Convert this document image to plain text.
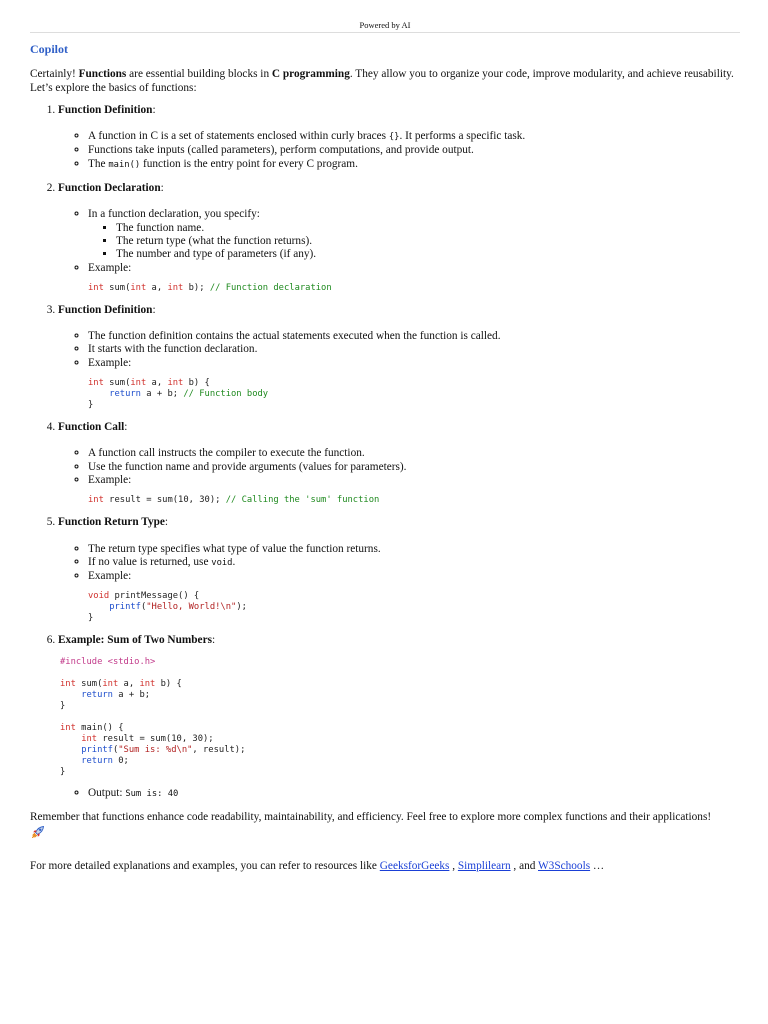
Powered by AI
Copilot

Certainly! Functions are essential building blocks in C programming. They allow you to organize your code, improve modularity, and achieve reusability. Let’s explore the basics of functions:

1. Function Definition:
◦ A function in C is a set of statements enclosed within curly braces {}. It performs a specific task.
◦ Functions take inputs (called parameters), perform computations, and provide output.
◦ The main() function is the entry point for every C program.
2. Function Declaration:
◦ In a function declaration, you specify:
▪ The function name.
▪ The return type (what the function returns).
▪ The number and type of parameters (if any).
◦ Example:
int sum(int a, int b); // Function declaration
3. Function Definition:
◦ The function definition contains the actual statements executed when the function is called.
◦ It starts with the function declaration.
◦ Example:
int sum(int a, int b) {
return a + b; // Function body
}
4. Function Call:
◦ A function call instructs the compiler to execute the function.
◦ Use the function name and provide arguments (values for parameters).
◦ Example:
int result = sum(10, 30); // Calling the 'sum' function
5. Function Return Type:
◦ The return type specifies what type of value the function returns.
◦ If no value is returned, use void.
◦ Example:
void printMessage() {
printf("Hello, World!\n");
}
6. Example: Sum of Two Numbers:
#include <stdio.h>

int sum(int a, int b) {
return a + b;
}

int main() {
int result = sum(10, 30);
printf("Sum is: %d\n", result);
return 0;
}
◦ Output: Sum is: 40

Remember that functions enhance code readability, maintainability, and efficiency. Feel free to explore more complex functions and their applications!

For more detailed explanations and examples, you can refer to resources like GeeksforGeeks , Simplilearn , and W3Schools …
